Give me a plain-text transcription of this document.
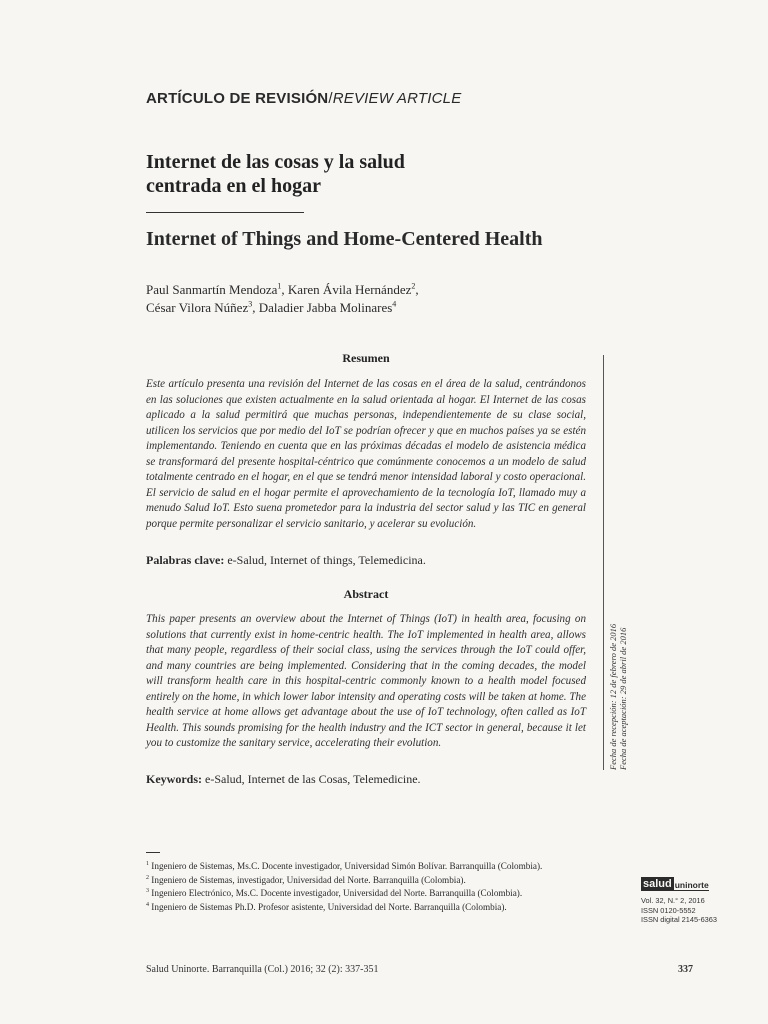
ARTÍCULO DE REVISIÓN/REVIEW ARTICLE
Internet de las cosas y la salud
centrada en el hogar
Internet of Things and Home-Centered Health
Paul Sanmartín Mendoza$^1$, Karen Ávila Hernández$^2$,
César Vilora Núñez$^3$, Daladier Jabba Molinares$^4$
Resumen

Este artículo presenta una revisión del Internet de las cosas en el área de la salud, centrándonos en las soluciones que existen actualmente en la salud orientada al hogar. El Internet de las cosas aplicado a la salud permitirá que muchas personas, independientemente de su clase social, utilicen los servicios que por medio del IoT se podrían ofrecer y que en muchos países ya se estén implementando. Teniendo en cuenta que en las próximas décadas el modelo de asistencia médica se transformará del presente hospital-céntrico que comúnmente conocemos a un modelo de salud totalmente centrado en el hogar, en el que se tendrá menor intensidad laboral y costo operacional. El servicio de salud en el hogar permite el aprovechamiento de la tecnología IoT, llamado muy a menudo Salud IoT. Esto suena prometedor para la industria del sector salud y las TIC en general porque permite personalizar el servicio sanitario, y acelerar su evolución.

Palabras clave: e-Salud, Internet of things, Telemedicina.
Abstract

This paper presents an overview about the Internet of Things (IoT) in health area, focusing on solutions that currently exist in home-centric health. The IoT implemented in health area, allows that many people, regardless of their social class, using the services through the IoT could offer, and many countries are being implemented. Considering that in the coming decades, the model will transform health care in this hospital-centric commonly known to a health model focused entirely on the home, in which lower labor intensity and operating costs will be taken at home. The health service at home allows get advantage about the use of IoT technology, often called as IoT Health. This sounds promising for the health industry and the ICT sector in general, because it let you to customize the sanitary service, accelerating their evolution.

Keywords: e-Salud, Internet de las Cosas, Telemedicine.
Fecha de recepción: 12 de febrero de 2016 Fecha de aceptación: 29 de abril de 2016
$^1$ Ingeniero de Sistemas, Ms.C. Docente investigador, Universidad Simón Bolívar. Barranquilla (Colombia).
$^2$ Ingeniero de Sistemas, investigador, Universidad del Norte. Barranquilla (Colombia).
$^3$ Ingeniero Electrónico, Ms.C. Docente investigador, Universidad del Norte. Barranquilla (Colombia).
$^4$ Ingeniero de Sistemas Ph.D. Profesor asistente, Universidad del Norte. Barranquilla (Colombia).
salud uninorte
Vol. 32, N.° 2, 2016
ISSN 0120-5552
ISSN digital 2145-6363
Salud Uninorte. Barranquilla (Col.) 2016; 32 (2): 337-351	337
